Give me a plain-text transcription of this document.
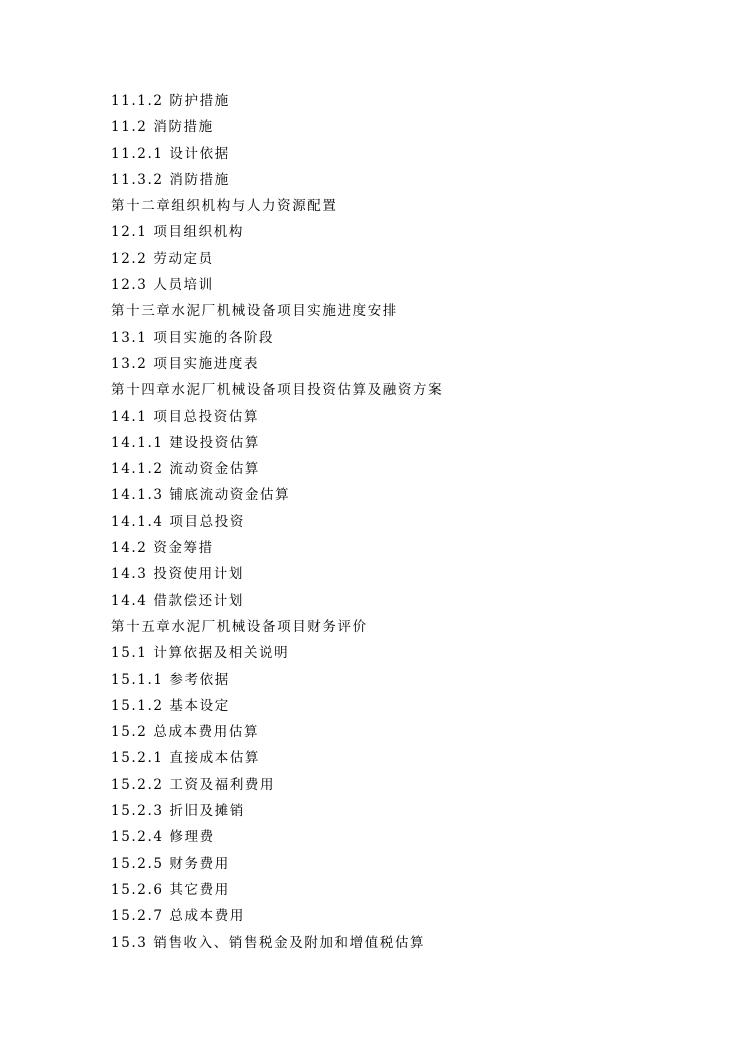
11.1.2 防护措施
11.2 消防措施
11.2.1 设计依据
11.3.2 消防措施
第十二章组织机构与人力资源配置
12.1 项目组织机构
12.2 劳动定员
12.3 人员培训
第十三章水泥厂机械设备项目实施进度安排
13.1 项目实施的各阶段
13.2 项目实施进度表
第十四章水泥厂机械设备项目投资估算及融资方案
14.1 项目总投资估算
14.1.1 建设投资估算
14.1.2 流动资金估算
14.1.3 铺底流动资金估算
14.1.4 项目总投资
14.2 资金筹措
14.3 投资使用计划
14.4 借款偿还计划
第十五章水泥厂机械设备项目财务评价
15.1 计算依据及相关说明
15.1.1 参考依据
15.1.2 基本设定
15.2 总成本费用估算
15.2.1 直接成本估算
15.2.2 工资及福利费用
15.2.3 折旧及摊销
15.2.4 修理费
15.2.5 财务费用
15.2.6 其它费用
15.2.7 总成本费用
15.3 销售收入、销售税金及附加和增值税估算
